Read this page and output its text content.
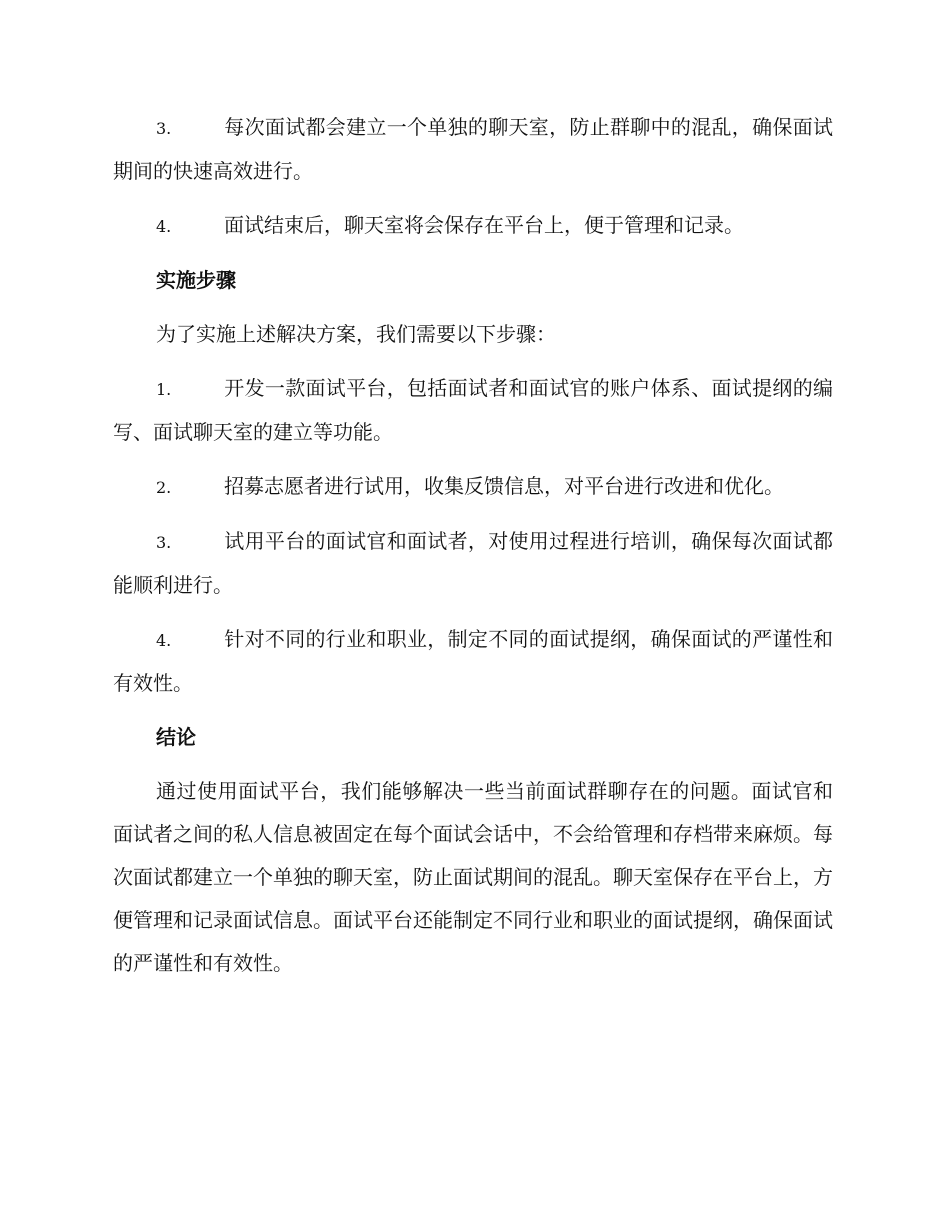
3.	每次面试都会建立一个单独的聊天室，防止群聊中的混乱，确保面试期间的快速高效进行。

4.	面试结束后，聊天室将会保存在平台上，便于管理和记录。

实施步骤

为了实施上述解决方案，我们需要以下步骤：

1.	开发一款面试平台，包括面试者和面试官的账户体系、面试提纲的编写、面试聊天室的建立等功能。

2.	招募志愿者进行试用，收集反馈信息，对平台进行改进和优化。

3.	试用平台的面试官和面试者，对使用过程进行培训，确保每次面试都能顺利进行。

4.	针对不同的行业和职业，制定不同的面试提纲，确保面试的严谨性和有效性。

结论

通过使用面试平台，我们能够解决一些当前面试群聊存在的问题。面试官和面试者之间的私人信息被固定在每个面试会话中，不会给管理和存档带来麻烦。每次面试都建立一个单独的聊天室，防止面试期间的混乱。聊天室保存在平台上，方便管理和记录面试信息。面试平台还能制定不同行业和职业的面试提纲，确保面试的严谨性和有效性。
